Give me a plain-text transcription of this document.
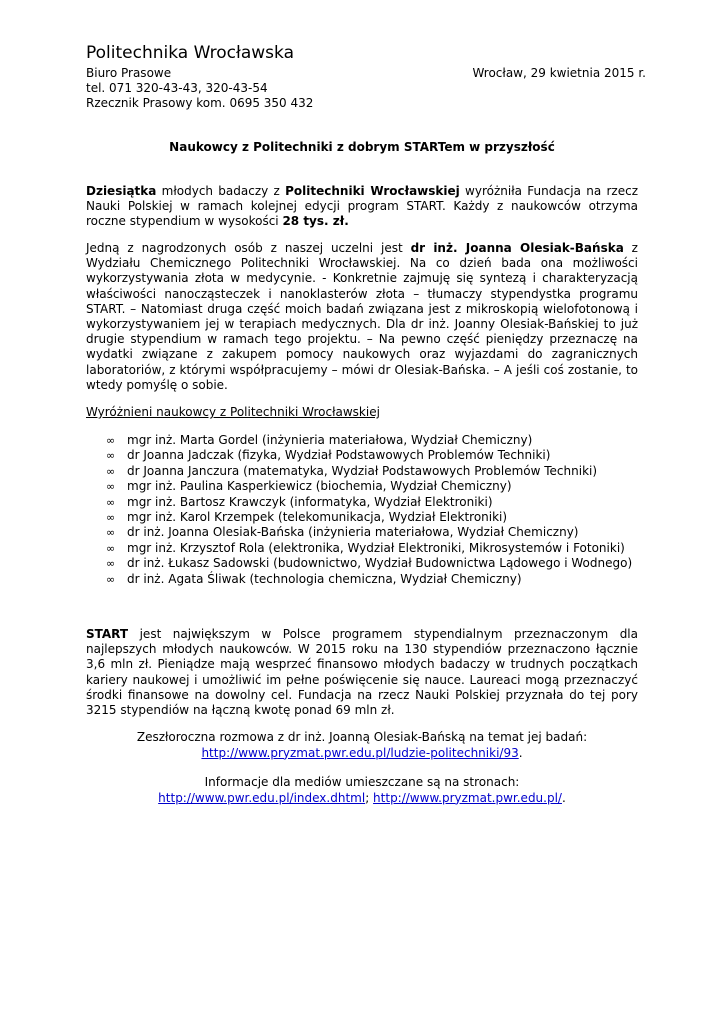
Politechnika Wrocławska
Biuro Prasowe	Wrocław, 29 kwietnia 2015 r.
tel. 071 320-43-43, 320-43-54
Rzecznik Prasowy kom. 0695 350 432
Naukowcy z Politechniki z dobrym STARTem w przyszłość
Dziesiątka młodych badaczy z Politechniki Wrocławskiej wyróżniła Fundacja na rzecz Nauki Polskiej w ramach kolejnej edycji program START. Każdy z naukowców otrzyma roczne stypendium w wysokości 28 tys. zł.
Jedną z nagrodzonych osób z naszej uczelni jest dr inż. Joanna Olesiak-Bańska z Wydziału Chemicznego Politechniki Wrocławskiej. Na co dzień bada ona możliwości wykorzystywania złota w medycynie. - Konkretnie zajmuję się syntezą i charakteryzacją właściwości nanocząsteczek i nanoklasterów złota – tłumaczy stypendystka programu START. – Natomiast druga część moich badań związana jest z mikroskopią wielofotonową i wykorzystywaniem jej w terapiach medycznych. Dla dr inż. Joanny Olesiak-Bańskiej to już drugie stypendium w ramach tego projektu. – Na pewno część pieniędzy przeznaczę na wydatki związane z zakupem pomocy naukowych oraz wyjazdami do zagranicznych laboratoriów, z którymi współpracujemy – mówi dr Olesiak-Bańska. – A jeśli coś zostanie, to wtedy pomyślę o sobie.
Wyróżnieni naukowcy z Politechniki Wrocławskiej
∞ mgr inż. Marta Gordel (inżynieria materiałowa, Wydział Chemiczny)
∞ dr Joanna Jadczak (fizyka, Wydział Podstawowych Problemów Techniki)
∞ dr Joanna Janczura (matematyka, Wydział Podstawowych Problemów Techniki)
∞ mgr inż. Paulina Kasperkiewicz (biochemia, Wydział Chemiczny)
∞ mgr inż. Bartosz Krawczyk (informatyka, Wydział Elektroniki)
∞ mgr inż. Karol Krzempek (telekomunikacja, Wydział Elektroniki)
∞ dr inż. Joanna Olesiak-Bańska (inżynieria materiałowa, Wydział Chemiczny)
∞ mgr inż. Krzysztof Rola (elektronika, Wydział Elektroniki, Mikrosystemów i Fotoniki)
∞ dr inż. Łukasz Sadowski (budownictwo, Wydział Budownictwa Lądowego i Wodnego)
∞ dr inż. Agata Śliwak (technologia chemiczna, Wydział Chemiczny)
START jest największym w Polsce programem stypendialnym przeznaczonym dla najlepszych młodych naukowców. W 2015 roku na 130 stypendiów przeznaczono łącznie 3,6 mln zł. Pieniądze mają wesprzeć finansowo młodych badaczy w trudnych początkach kariery naukowej i umożliwić im pełne poświęcenie się nauce. Laureaci mogą przeznaczyć środki finansowe na dowolny cel. Fundacja na rzecz Nauki Polskiej przyznała do tej pory 3215 stypendiów na łączną kwotę ponad 69 mln zł.
Zeszłoroczna rozmowa z dr inż. Joanną Olesiak-Bańską na temat jej badań:
http://www.pryzmat.pwr.edu.pl/ludzie-politechniki/93.
Informacje dla mediów umieszczane są na stronach:
http://www.pwr.edu.pl/index.dhtml; http://www.pryzmat.pwr.edu.pl/.
